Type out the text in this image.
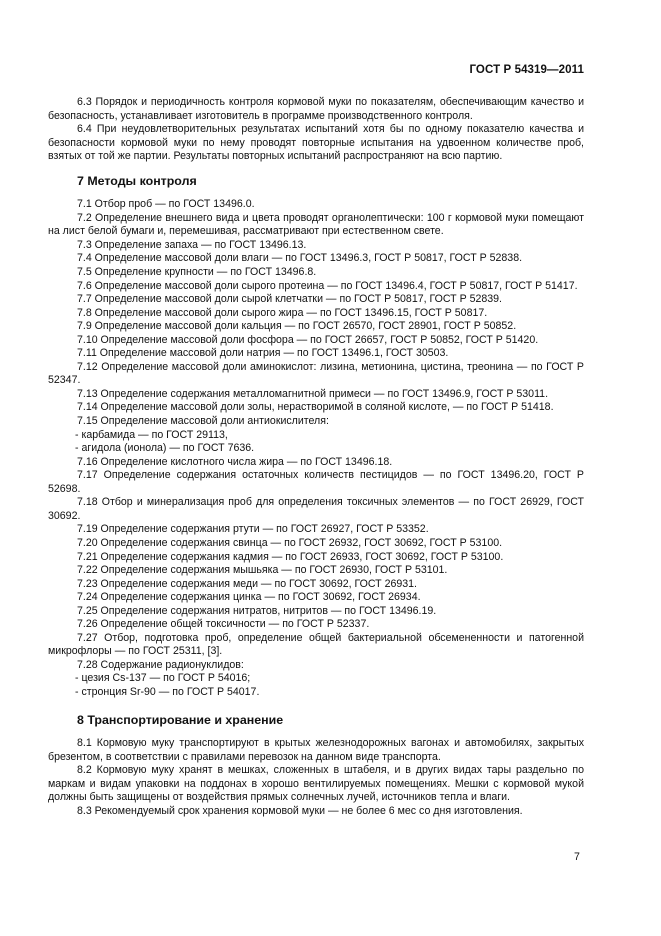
ГОСТ Р 54319—2011

6.3 Порядок и периодичность контроля кормовой муки по показателям, обеспечивающим качество и безопасность, устанавливает изготовитель в программе производственного контроля.

6.4 При неудовлетворительных результатах испытаний хотя бы по одному показателю качества и безопасности кормовой муки по нему проводят повторные испытания на удвоенном количестве проб, взятых от той же партии. Результаты повторных испытаний распространяют на всю партию.

7 Методы контроля

7.1 Отбор проб — по ГОСТ 13496.0.

7.2 Определение внешнего вида и цвета проводят органолептически: 100 г кормовой муки помещают на лист белой бумаги и, перемешивая, рассматривают при естественном свете.

7.3 Определение запаха — по ГОСТ 13496.13.

7.4 Определение массовой доли влаги — по ГОСТ 13496.3, ГОСТ Р 50817, ГОСТ Р 52838.

7.5 Определение крупности — по ГОСТ 13496.8.

7.6 Определение массовой доли сырого протеина — по ГОСТ 13496.4, ГОСТ Р 50817, ГОСТ Р 51417.

7.7 Определение массовой доли сырой клетчатки — по ГОСТ Р 50817, ГОСТ Р 52839.

7.8 Определение массовой доли сырого жира — по ГОСТ 13496.15, ГОСТ Р 50817.

7.9 Определение массовой доли кальция — по ГОСТ 26570, ГОСТ 28901, ГОСТ Р 50852.

7.10 Определение массовой доли фосфора — по ГОСТ 26657, ГОСТ Р 50852, ГОСТ Р 51420.

7.11 Определение массовой доли натрия — по ГОСТ 13496.1, ГОСТ 30503.

7.12 Определение массовой доли аминокислот: лизина, метионина, цистина, треонина — по ГОСТ Р 52347.

7.13 Определение содержания металломагнитной примеси — по ГОСТ 13496.9, ГОСТ Р 53011.

7.14 Определение массовой доли золы, нерастворимой в соляной кислоте, — по ГОСТ Р 51418.

7.15 Определение массовой доли антиокислителя:

- карбамида — по ГОСТ 29113,

- агидола (ионола) — по ГОСТ 7636.

7.16 Определение кислотного числа жира — по ГОСТ 13496.18.

7.17 Определение содержания остаточных количеств пестицидов — по ГОСТ 13496.20, ГОСТ Р 52698.

7.18 Отбор и минерализация проб для определения токсичных элементов — по ГОСТ 26929, ГОСТ 30692.

7.19 Определение содержания ртути — по ГОСТ 26927, ГОСТ Р 53352.

7.20 Определение содержания свинца — по ГОСТ 26932, ГОСТ 30692, ГОСТ Р 53100.

7.21 Определение содержания кадмия — по ГОСТ 26933, ГОСТ 30692, ГОСТ Р 53100.

7.22 Определение содержания мышьяка — по ГОСТ 26930, ГОСТ Р 53101.

7.23 Определение содержания меди — по ГОСТ 30692, ГОСТ 26931.

7.24 Определение содержания цинка — по ГОСТ 30692, ГОСТ 26934.

7.25 Определение содержания нитратов, нитритов — по ГОСТ 13496.19.

7.26 Определение общей токсичности — по ГОСТ Р 52337.

7.27 Отбор, подготовка проб, определение общей бактериальной обсемененности и патогенной микрофлоры — по ГОСТ 25311, [3].

7.28 Содержание радионуклидов:

- цезия Cs-137 — по ГОСТ Р 54016;

- стронция Sr-90 — по ГОСТ Р 54017.

8 Транспортирование и хранение

8.1 Кормовую муку транспортируют в крытых железнодорожных вагонах и автомобилях, закрытых брезентом, в соответствии с правилами перевозок на данном виде транспорта.

8.2 Кормовую муку хранят в мешках, сложенных в штабеля, и в других видах тары раздельно по маркам и видам упаковки на поддонах в хорошо вентилируемых помещениях. Мешки с кормовой мукой должны быть защищены от воздействия прямых солнечных лучей, источников тепла и влаги.

8.3 Рекомендуемый срок хранения кормовой муки — не более 6 мес со дня изготовления.

7
